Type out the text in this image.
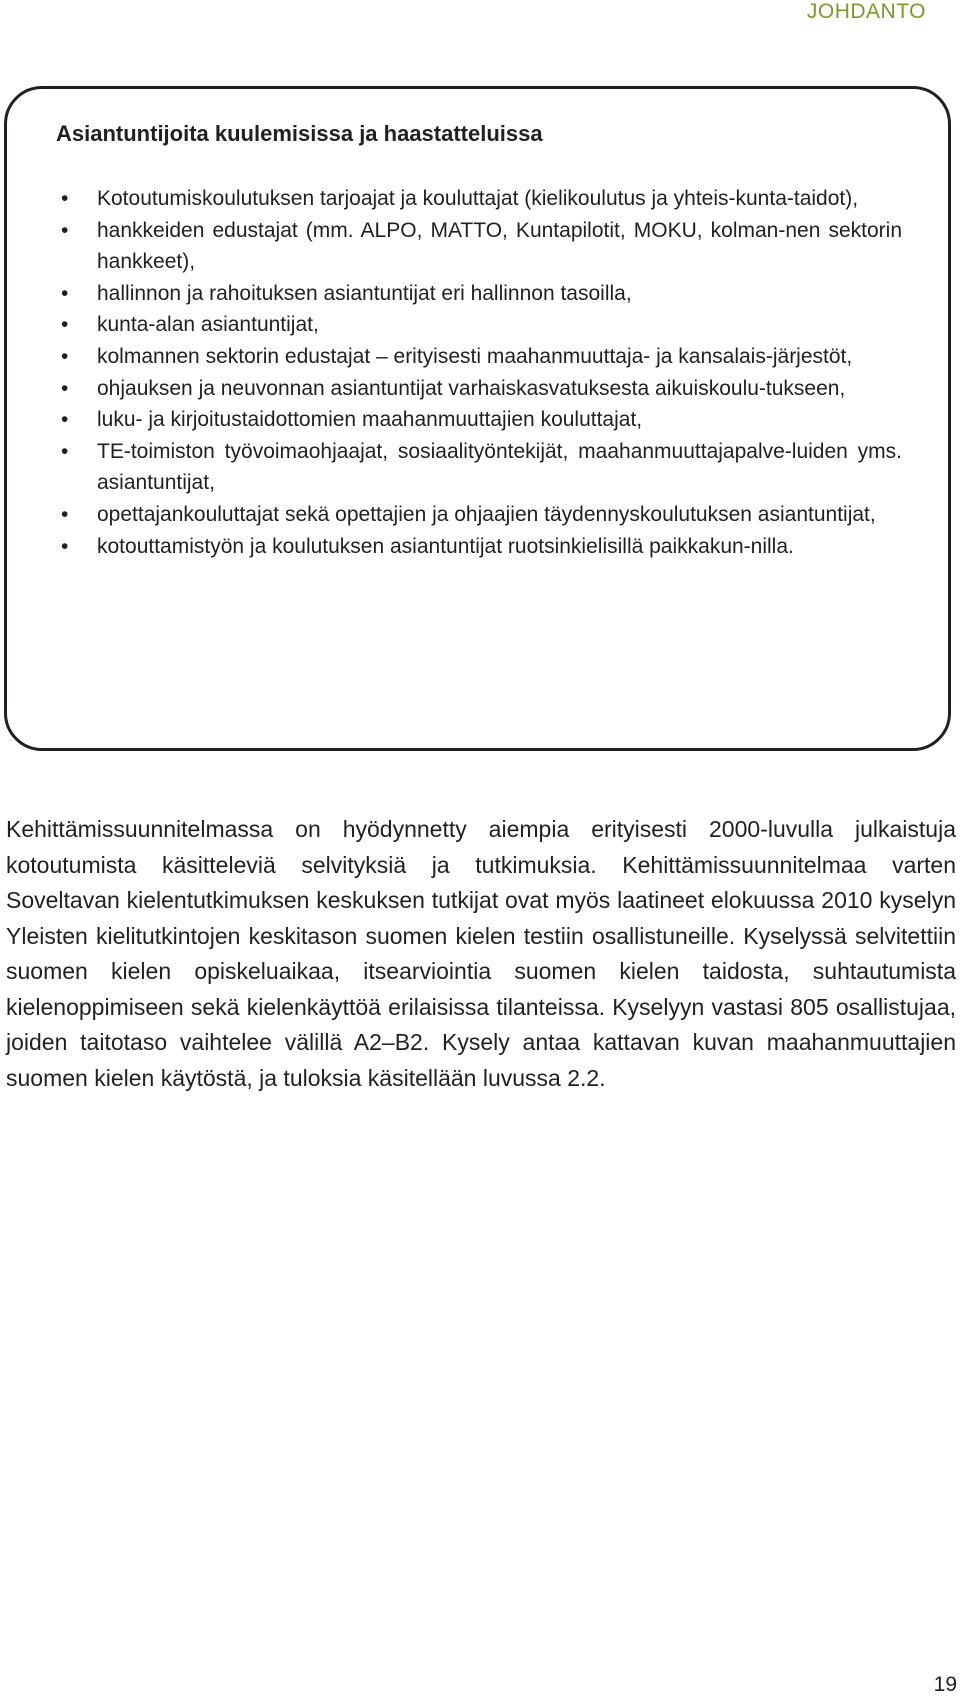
JOHDANTO
Asiantuntijoita kuulemisissa ja haastatteluissa
• Kotoutumiskoulutuksen tarjoajat ja kouluttajat (kielikoulutus ja yhteis-kunta-taidot),
• hankkeiden edustajat (mm. ALPO, MATTO, Kuntapilotit, MOKU, kolman-nen sektorin hankkeet),
• hallinnon ja rahoituksen asiantuntijat eri hallinnon tasoilla,
• kunta-alan asiantuntijat,
• kolmannen sektorin edustajat – erityisesti maahanmuuttaja- ja kansalais-järjestöt,
• ohjauksen ja neuvonnan asiantuntijat varhaiskasvatuksesta aikuiskoulu-tukseen,
• luku- ja kirjoitustaidottomien maahanmuuttajien kouluttajat,
• TE-toimiston työvoimaohjaajat, sosiaalityöntekijät, maahanmuuttajapalve-luiden yms. asiantuntijat,
• opettajankouluttajat sekä opettajien ja ohjaajien täydennyskoulutuksen asiantuntijat,
• kotouttamistyön ja koulutuksen asiantuntijat ruotsinkielisillä paikkakun-nilla.

Kehittämissuunnitelmassa on hyödynnetty aiempia erityisesti 2000-luvulla julkaistuja kotoutumista käsitteleviä selvityksiä ja tutkimuksia. Kehittämissuunnitelmaa varten Soveltavan kielentutkimuksen keskuksen tutkijat ovat myös laatineet elokuussa 2010 kyselyn Yleisten kielitutkintojen keskitason suomen kielen testiin osallistuneille. Kyselyssä selvitettiin suomen kielen opiskeluaikaa, itsearviointia suomen kielen taidosta, suhtautumista kielenoppimiseen sekä kielenkäyttöä erilaisissa tilanteissa. Kyselyyn vastasi 805 osallistujaa, joiden taitotaso vaihtelee välillä A2–B2. Kysely antaa kattavan kuvan maahanmuuttajien suomen kielen käytöstä, ja tuloksia käsitellään luvussa 2.2.

19
